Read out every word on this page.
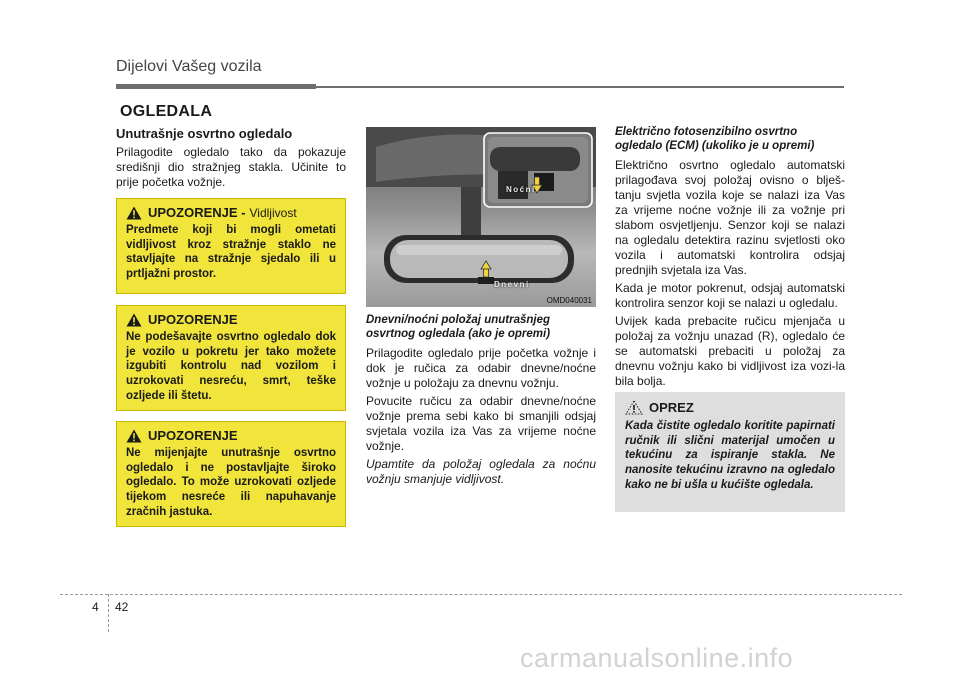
Dijelovi Vašeg vozila
OGLEDALA
Unutrašnje osvrtno ogledalo

Prilagodite ogledalo tako da pokazuje središnji dio stražnjeg stakla. Učinite to prije početka vožnje.

UPOZORENJE - Vidljivost
Predmete koji bi mogli ometati vidljivost kroz stražnje staklo ne stavljajte na stražnje sjedalo ili u prtljažni prostor.
UPOZORENJE
Ne podešavajte osvrtno ogledalo dok je vozilo u pokretu jer tako možete izgubiti kontrolu nad vozilom i uzrokovati nesreću, smrt, teške ozljede ili štetu.
UPOZORENJE
Ne mijenjajte unutrašnje osvrtno ogledalo i ne postavljajte široko ogledalo. To može uzrokovati ozljede tijekom nesreće ili napuhavanje zračnih jastuka.
Noćni
Dnevni
OMD040031
Dnevni/noćni položaj unutrašnjeg osvrtnog ogledala (ako je opremi)

Prilagodite ogledalo prije početka vožnje i dok je ručica za odabir dnevne/noćne vožnje u položaju za dnevnu vožnju.

Povucite ručicu za odabir dnevne/noćne vožnje prema sebi kako bi smanjili odsjaj svjetala vozila iza Vas za vrijeme noćne vožnje.

Upamtite da položaj ogledala za noćnu vožnju smanjuje vidljivost.

Električno fotosenzibilno osvrtno ogledalo (ECM) (ukoliko je u opremi)

Električno osvrtno ogledalo automatski prilagođava svoj položaj ovisno o blješ-tanju svjetla vozila koje se nalazi iza Vas za vrijeme noćne vožnje ili za vožnje pri slabom osvjetljenju. Senzor koji se nalazi na ogledalu detektira razinu svjetlosti oko vozila i automatski kontrolira odsjaj prednjih svjetala iza Vas.

Kada je motor pokrenut, odsjaj automatski kontrolira senzor koji se nalazi u ogledalu.

Uvijek kada prebacite ručicu mjenjača u položaj za vožnju unazad (R), ogledalo će se automatski prebaciti u položaj za dnevnu vožnju kako bi vidljivost iza vozi-la bila bolja.

OPREZ
Kada čistite ogledalo koritite papirnati ručnik ili slični materijal umočen u tekućinu za ispiranje stakla. Ne nanosite tekućinu izravno na ogledalo kako ne bi ušla u kućište ogledala.
4 42
carmanualsonline.info
